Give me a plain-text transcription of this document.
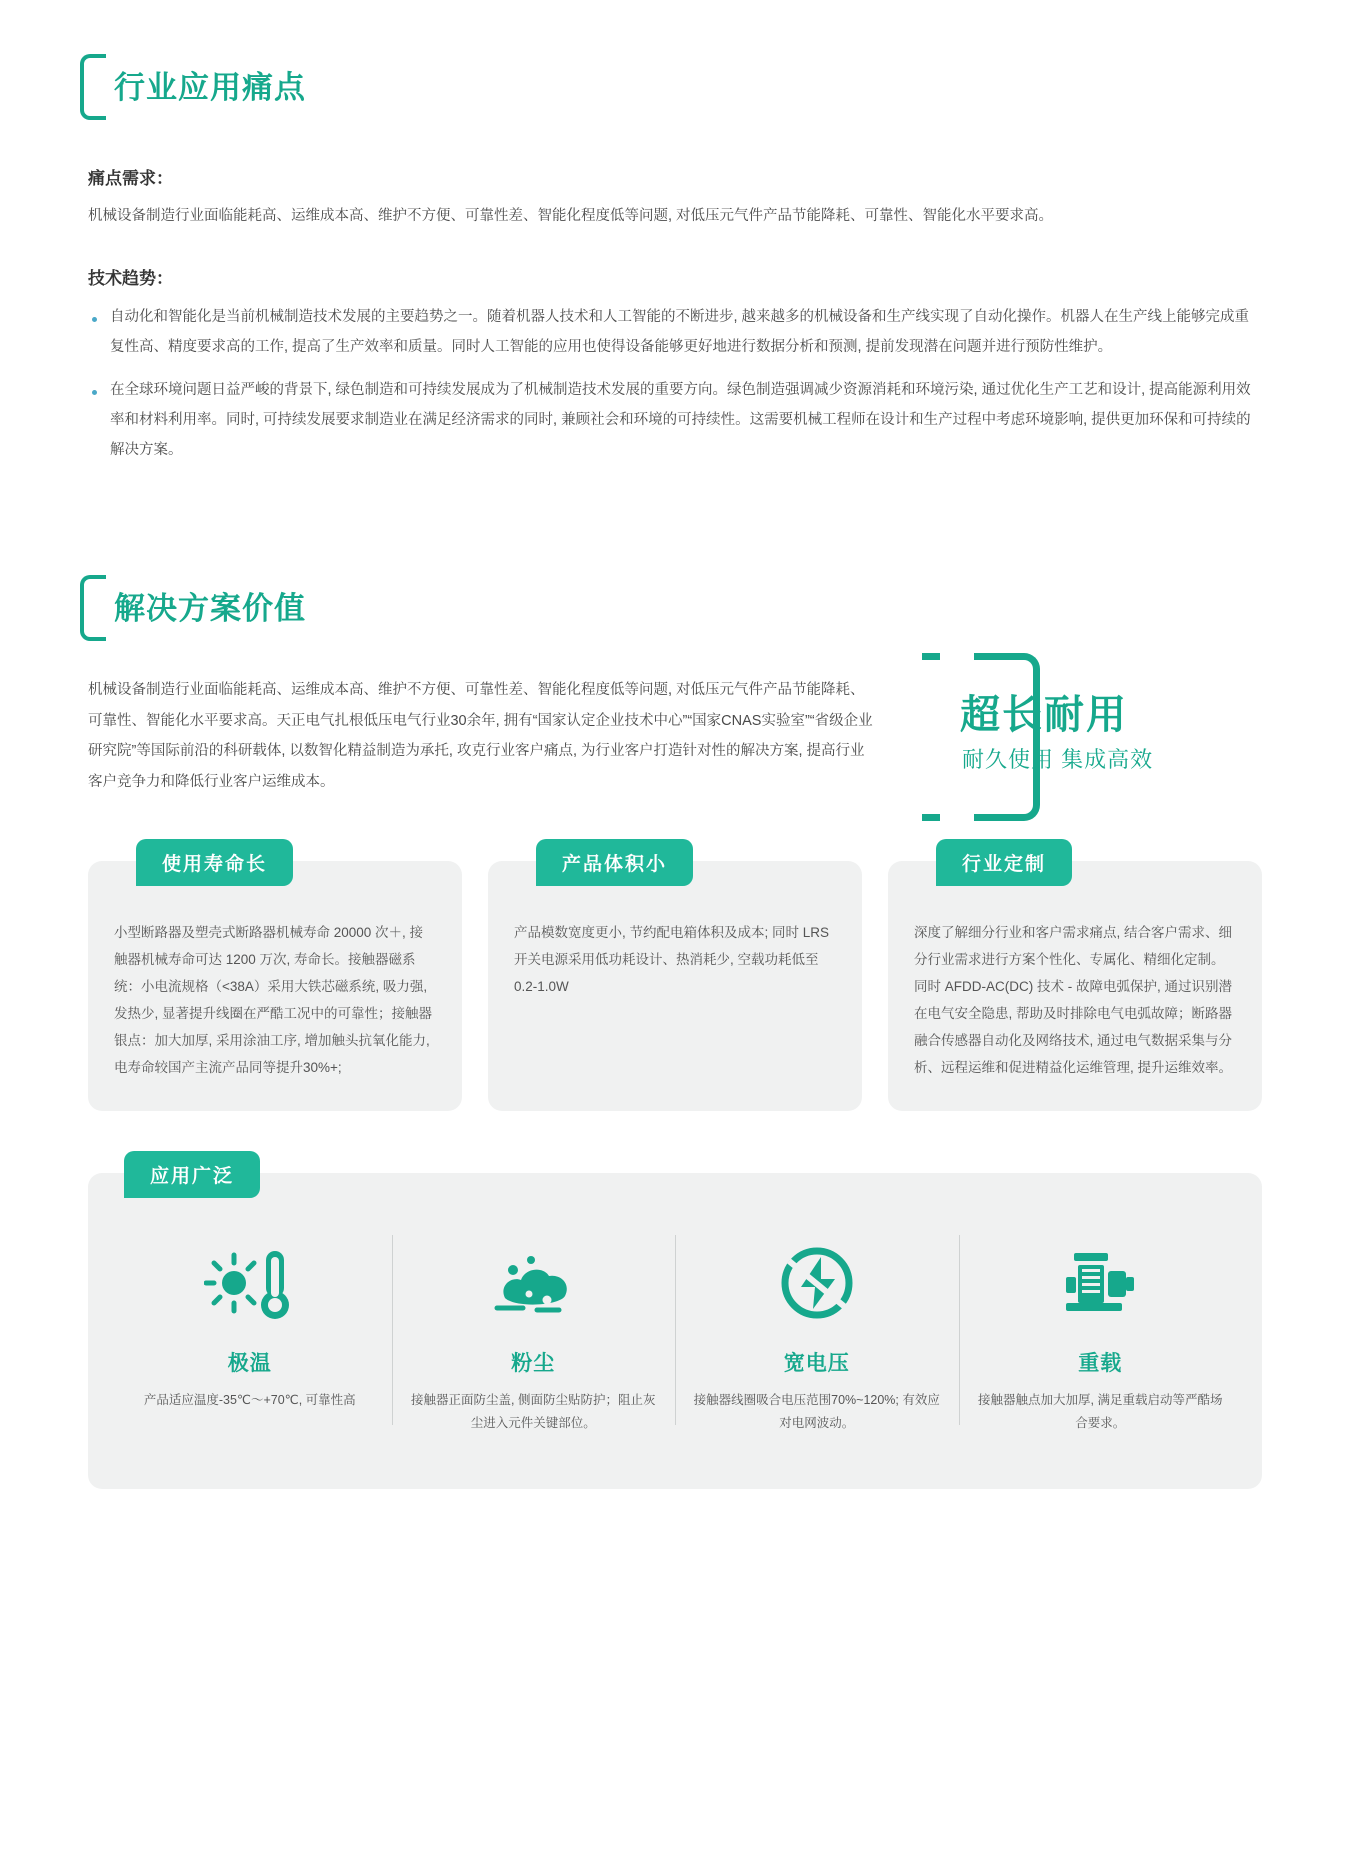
行业应用痛点
痛点需求：
机械设备制造行业面临能耗高、运维成本高、维护不方便、可靠性差、智能化程度低等问题, 对低压元气件产品节能降耗、可靠性、智能化水平要求高。
技术趋势：
自动化和智能化是当前机械制造技术发展的主要趋势之一。随着机器人技术和人工智能的不断进步, 越来越多的机械设备和生产线实现了自动化操作。机器人在生产线上能够完成重复性高、精度要求高的工作, 提高了生产效率和质量。同时人工智能的应用也使得设备能够更好地进行数据分析和预测, 提前发现潜在问题并进行预防性维护。
在全球环境问题日益严峻的背景下, 绿色制造和可持续发展成为了机械制造技术发展的重要方向。绿色制造强调减少资源消耗和环境污染, 通过优化生产工艺和设计, 提高能源利用效率和材料利用率。同时, 可持续发展要求制造业在满足经济需求的同时, 兼顾社会和环境的可持续性。这需要机械工程师在设计和生产过程中考虑环境影响, 提供更加环保和可持续的解决方案。
解决方案价值
机械设备制造行业面临能耗高、运维成本高、维护不方便、可靠性差、智能化程度低等问题, 对低压元气件产品节能降耗、可靠性、智能化水平要求高。天正电气扎根低压电气行业30余年, 拥有“国家认定企业技术中心”“国家CNAS实验室”“省级企业研究院”等国际前沿的科研载体, 以数智化精益制造为承托, 攻克行业客户痛点, 为行业客户打造针对性的解决方案, 提高行业客户竞争力和降低行业客户运维成本。
超长耐用
耐久使用 集成高效
使用寿命长
小型断路器及塑壳式断路器机械寿命 20000 次＋, 接触器机械寿命可达 1200 万次, 寿命长。接触器磁系统：小电流规格（<38A）采用大铁芯磁系统, 吸力强, 发热少, 显著提升线圈在严酷工况中的可靠性；接触器银点：加大加厚, 采用涂油工序, 增加触头抗氧化能力, 电寿命较国产主流产品同等提升30%+;
产品体积小
产品模数宽度更小, 节约配电箱体积及成本; 同时 LRS 开关电源采用低功耗设计、热消耗少, 空载功耗低至 0.2-1.0W
行业定制
深度了解细分行业和客户需求痛点, 结合客户需求、细分行业需求进行方案个性化、专属化、精细化定制。同时 AFDD-AC(DC) 技术 - 故障电弧保护, 通过识别潜在电气安全隐患, 帮助及时排除电气电弧故障；断路器融合传感器自动化及网络技术, 通过电气数据采集与分析、远程运维和促进精益化运维管理, 提升运维效率。
应用广泛
极温
产品适应温度-35℃～+70℃, 可靠性高
粉尘
接触器正面防尘盖, 侧面防尘贴防护；阻止灰尘进入元件关键部位。
宽电压
接触器线圈吸合电压范围70%~120%; 有效应对电网波动。
重载
接触器触点加大加厚, 满足重载启动等严酷场合要求。
